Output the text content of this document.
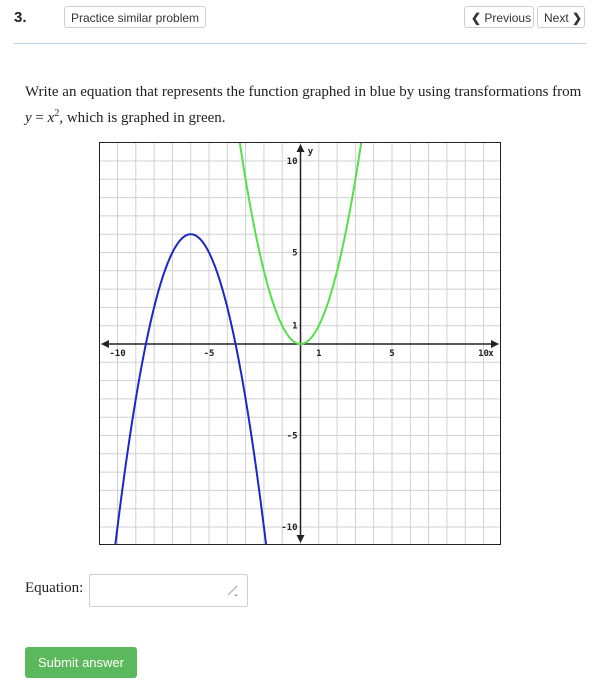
3.	Practice similar problem	❮ Previous	Next ❯
Write an equation that represents the function graphed in blue by using transformations from $y = x^2$, which is graphed in green.
-10	-5	1	5	10
10
5
1
-5
-10
x
y
Equation:
Submit answer
